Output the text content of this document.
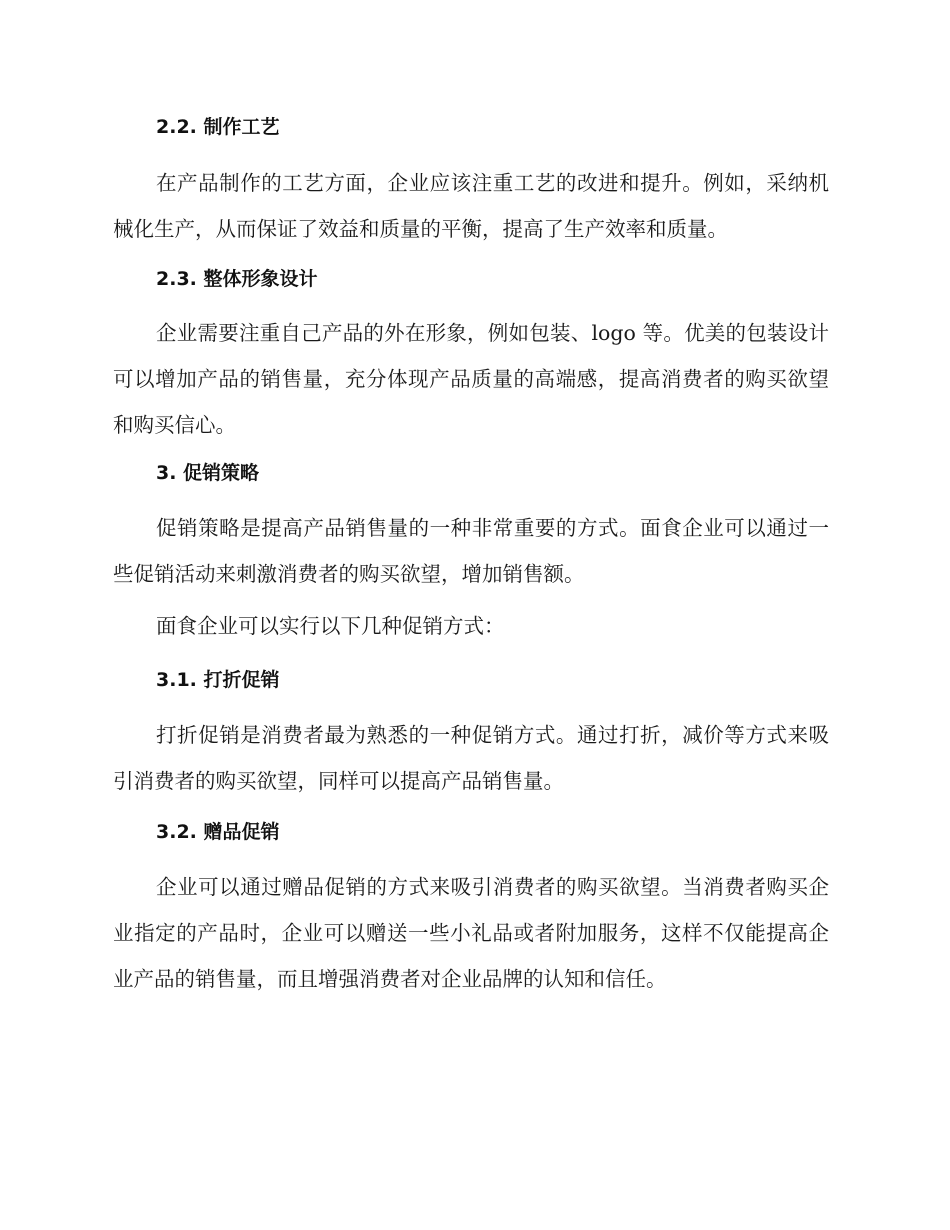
2.2. 制作工艺
在产品制作的工艺方面，企业应该注重工艺的改进和提升。例如，采纳机械化生产，从而保证了效益和质量的平衡，提高了生产效率和质量。
2.3. 整体形象设计
企业需要注重自己产品的外在形象，例如包装、logo 等。优美的包装设计可以增加产品的销售量，充分体现产品质量的高端感，提高消费者的购买欲望和购买信心。
3. 促销策略
促销策略是提高产品销售量的一种非常重要的方式。面食企业可以通过一些促销活动来刺激消费者的购买欲望，增加销售额。
面食企业可以实行以下几种促销方式：
3.1. 打折促销
打折促销是消费者最为熟悉的一种促销方式。通过打折，减价等方式来吸引消费者的购买欲望，同样可以提高产品销售量。
3.2. 赠品促销
企业可以通过赠品促销的方式来吸引消费者的购买欲望。当消费者购买企业指定的产品时，企业可以赠送一些小礼品或者附加服务，这样不仅能提高企业产品的销售量，而且增强消费者对企业品牌的认知和信任。
